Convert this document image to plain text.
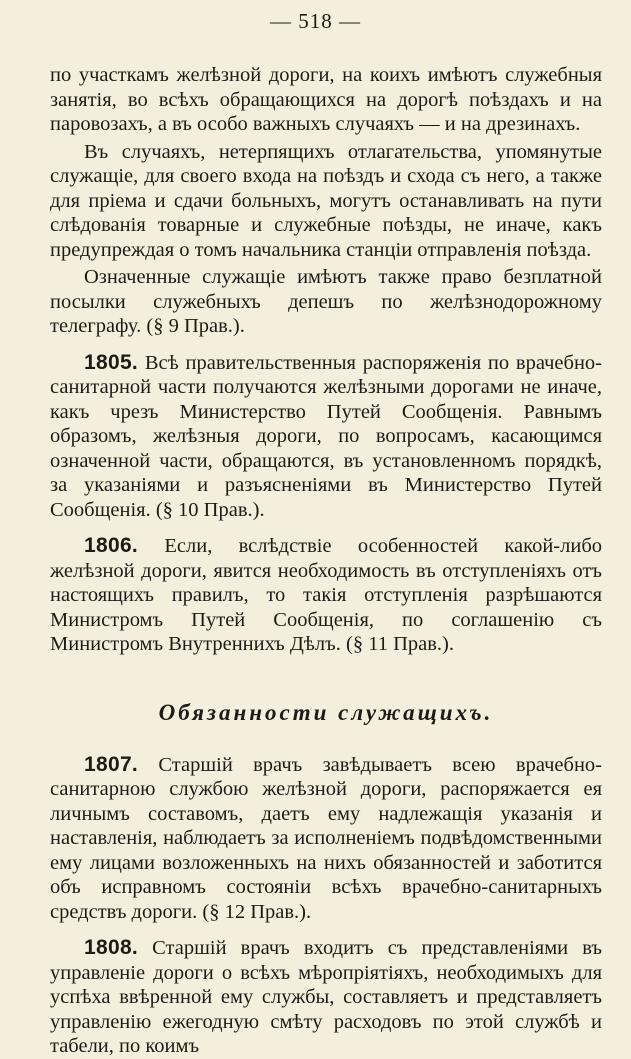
— 518 —

по участкамъ желѣзной дороги, на коихъ имѣютъ служебныя занятія, во всѣхъ обращающихся на дорогѣ поѣздахъ и на паровозахъ, а въ особо важныхъ случаяхъ — и на дрезинахъ.

Въ случаяхъ, нетерпящихъ отлагательства, упомянутые служащіе, для своего входа на поѣздъ и схода съ него, а также для пріема и сдачи больныхъ, могутъ останавливать на пути слѣдованія товарные и служебные поѣзды, не иначе, какъ предупреждая о томъ начальника станціи отправленія поѣзда.

Означенные служащіе имѣютъ также право безплатной посылки служебныхъ депешъ по желѣзнодорожному телеграфу. (§ 9 Прав.).

1805. Всѣ правительственныя распоряженія по врачебно-санитарной части получаются желѣзными дорогами не иначе, какъ чрезъ Министерство Путей Сообщенія. Равнымъ образомъ, желѣзныя дороги, по вопросамъ, касающимся означенной части, обращаются, въ установленномъ порядкѣ, за указаніями и разъясненіями въ Министерство Путей Сообщенія. (§ 10 Прав.).

1806. Если, вслѣдствіе особенностей какой-либо желѣзной дороги, явится необходимость въ отступленіяхъ отъ настоящихъ правилъ, то такія отступленія разрѣшаются Министромъ Путей Сообщенія, по соглашенію съ Министромъ Внутреннихъ Дѣлъ. (§ 11 Прав.).

Обязанности служащихъ.

1807. Старшій врачъ завѣдываетъ всею врачебно-санитарною службою желѣзной дороги, распоряжается ея личнымъ составомъ, даетъ ему надлежащія указанія и наставленія, наблюдаетъ за исполненіемъ подвѣдомственными ему лицами возложенныхъ на нихъ обязанностей и заботится объ исправномъ состояніи всѣхъ врачебно-санитарныхъ средствъ дороги. (§ 12 Прав.).

1808. Старшій врачъ входитъ съ представленіями въ управленіе дороги о всѣхъ мѣропріятіяхъ, необходимыхъ для успѣха ввѣренной ему службы, составляетъ и представляетъ управленію ежегодную смѣту расходовъ по этой службѣ и табели, по коимъ
